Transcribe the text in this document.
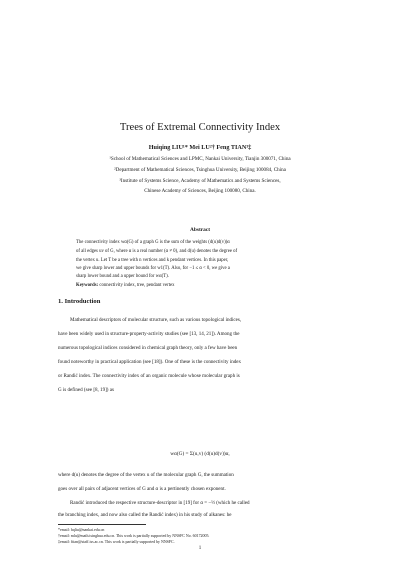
Trees of Extremal Connectivity Index
Huiqing LIU¹* Mei LU²† Feng TIAN³‡
¹School of Mathematical Sciences and LPMC, Nankai University, Tianjin 300071, China
²Department of Mathematical Sciences, Tsinghua University, Beijing 100084, China
³Institute of Systems Science, Academy of Mathematics and Systems Sciences,
Chinese Academy of Sciences, Beijing 100080, China.
Abstract
The connectivity index wα(G) of a graph G is the sum of the weights (d(u)d(v))α
of all edges uv of G, where α is a real number (α ≠ 0), and d(u) denotes the degree of
the vertex u. Let T be a tree with n vertices and k pendant vertices. In this paper,
we give sharp lower and upper bounds for w1(T). Also, for −1 ≤ α < 0, we give a
sharp lower bound and a upper bound for wα(T).
Keywords: connectivity index, tree, pendant vertex
1. Introduction
Mathematical descriptors of molecular structure, such as various topological indices,
have been widely used in structure-property-activity studies (see [13, 14, 21]). Among the
numerous topological indices considered in chemical graph theory, only a few have been
found noteworthy in practical application (see [18]). One of these is the connectivity index
or Randić index. The connectivity index of an organic molecule whose molecular graph is
G is defined (see [8, 19]) as
wα(G) = Σ(u,v) (d(u)d(v))α,
where d(u) denotes the degree of the vertex u of the molecular graph G, the summation
goes over all pairs of adjacent vertices of G and α is a pertinently chosen exponent.
Randić introduced the respective structure-descriptor in [19] for α = −½ (which he called
the branching index, and now also called the Randić index) in his study of alkanes: he
*email: hqliu@nankai.edu.cn
†email: mlu@math.tsinghua.edu.cn. This work is partially supported by NNSFC No. 60172005.
‡email: ftian@staff.iss.ac.cn. This work is partially supported by NNSFC.
1
